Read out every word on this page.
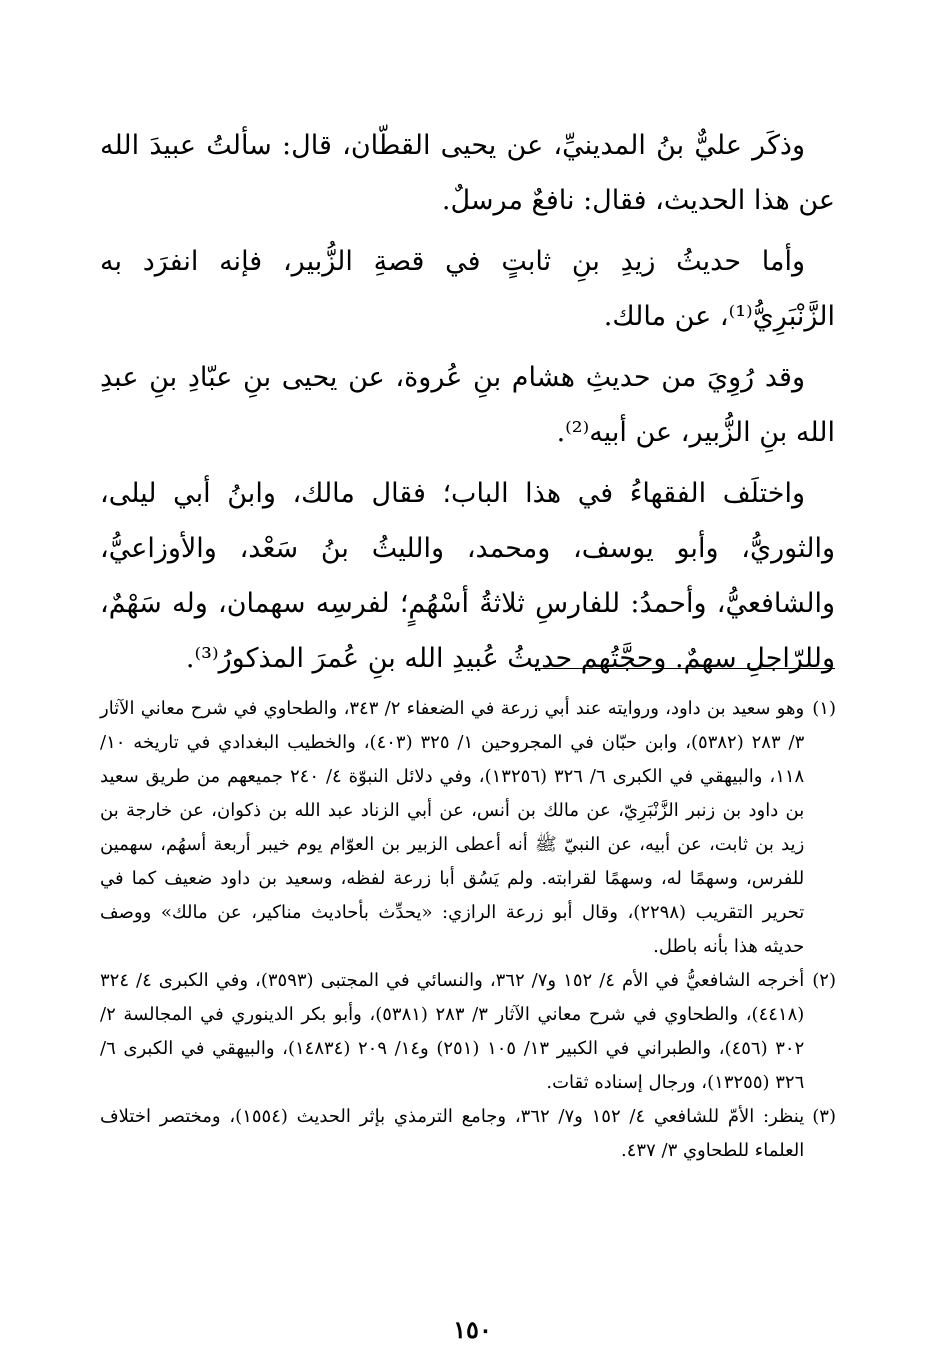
وذكَر عليٌّ بنُ المدينيِّ، عن يحيى القطّان، قال: سألتُ عبيدَ الله عن هذا الحديث، فقال: نافعٌ مرسلٌ.

وأما حديثُ زيدِ بنِ ثابتٍ في قصةِ الزُّبير، فإنه انفرَد به الزَّنْبَرِيُّ⁽¹⁾، عن مالك.

وقد رُوِيَ من حديثِ هشام بنِ عُروة، عن يحيى بنِ عبّادِ بنِ عبدِ الله بنِ الزُّبير، عن أبيه⁽²⁾.

واختلَف الفقهاءُ في هذا الباب؛ فقال مالك، وابنُ أبي ليلى، والثوريُّ، وأبو يوسف، ومحمد، والليثُ بنُ سَعْد، والأوزاعيُّ، والشافعيُّ، وأحمدُ: للفارسِ ثلاثةُ أسْهُمٍ؛ لفرسِه سهمان، وله سَهْمٌ، وللرّاجلِ سهمٌ. وحجَّتُهم حديثُ عُبيدِ الله بنِ عُمرَ المذكورُ⁽³⁾.

(١)
وهو سعيد بن داود، وروايته عند أبي زرعة في الضعفاء ٢/ ٣٤٣، والطحاوي في شرح معاني الآثار ٣/ ٢٨٣ (٥٣٨٢)، وابن حبّان في المجروحين ١/ ٣٢٥ (٤٠٣)، والخطيب البغدادي في تاريخه ١٠/ ١١٨، والبيهقي في الكبرى ٦/ ٣٢٦ (١٣٢٥٦)، وفي دلائل النبوّة ٤/ ٢٤٠ جميعهم من طريق سعيد بن داود بن زنبر الزَّنْبَرِيّ، عن مالك بن أنس، عن أبي الزناد عبد الله بن ذكوان، عن خارجة بن زيد بن ثابت، عن أبيه، عن النبيّ ﷺ أنه أعطى الزبير بن العوّام يوم خيبر أربعة أسهُم، سهمين للفرس، وسهمًا له، وسهمًا لقرابته. ولم يَسُق أبا زرعة لفظه، وسعيد بن داود ضعيف كما في تحرير التقريب (٢٢٩٨)، وقال أبو زرعة الرازي: «يحدِّث بأحاديث مناكير، عن مالك» ووصف حديثه هذا بأنه باطل.
(٢)
أخرجه الشافعيُّ في الأم ٤/ ١٥٢ و٧/ ٣٦٢، والنسائي في المجتبى (٣٥٩٣)، وفي الكبرى ٤/ ٣٢٤ (٤٤١٨)، والطحاوي في شرح معاني الآثار ٣/ ٢٨٣ (٥٣٨١)، وأبو بكر الدينوري في المجالسة ٢/ ٣٠٢ (٤٥٦)، والطبراني في الكبير ١٣/ ١٠٥ (٢٥١) و١٤/ ٢٠٩ (١٤٨٣٤)، والبيهقي في الكبرى ٦/ ٣٢٦ (١٣٢٥٥)، ورجال إسناده ثقات.
(٣)
ينظر: الأمّ للشافعي ٤/ ١٥٢ و٧/ ٣٦٢، وجامع الترمذي بإثر الحديث (١٥٥٤)، ومختصر اختلاف العلماء للطحاوي ٣/ ٤٣٧.
١٥٠
